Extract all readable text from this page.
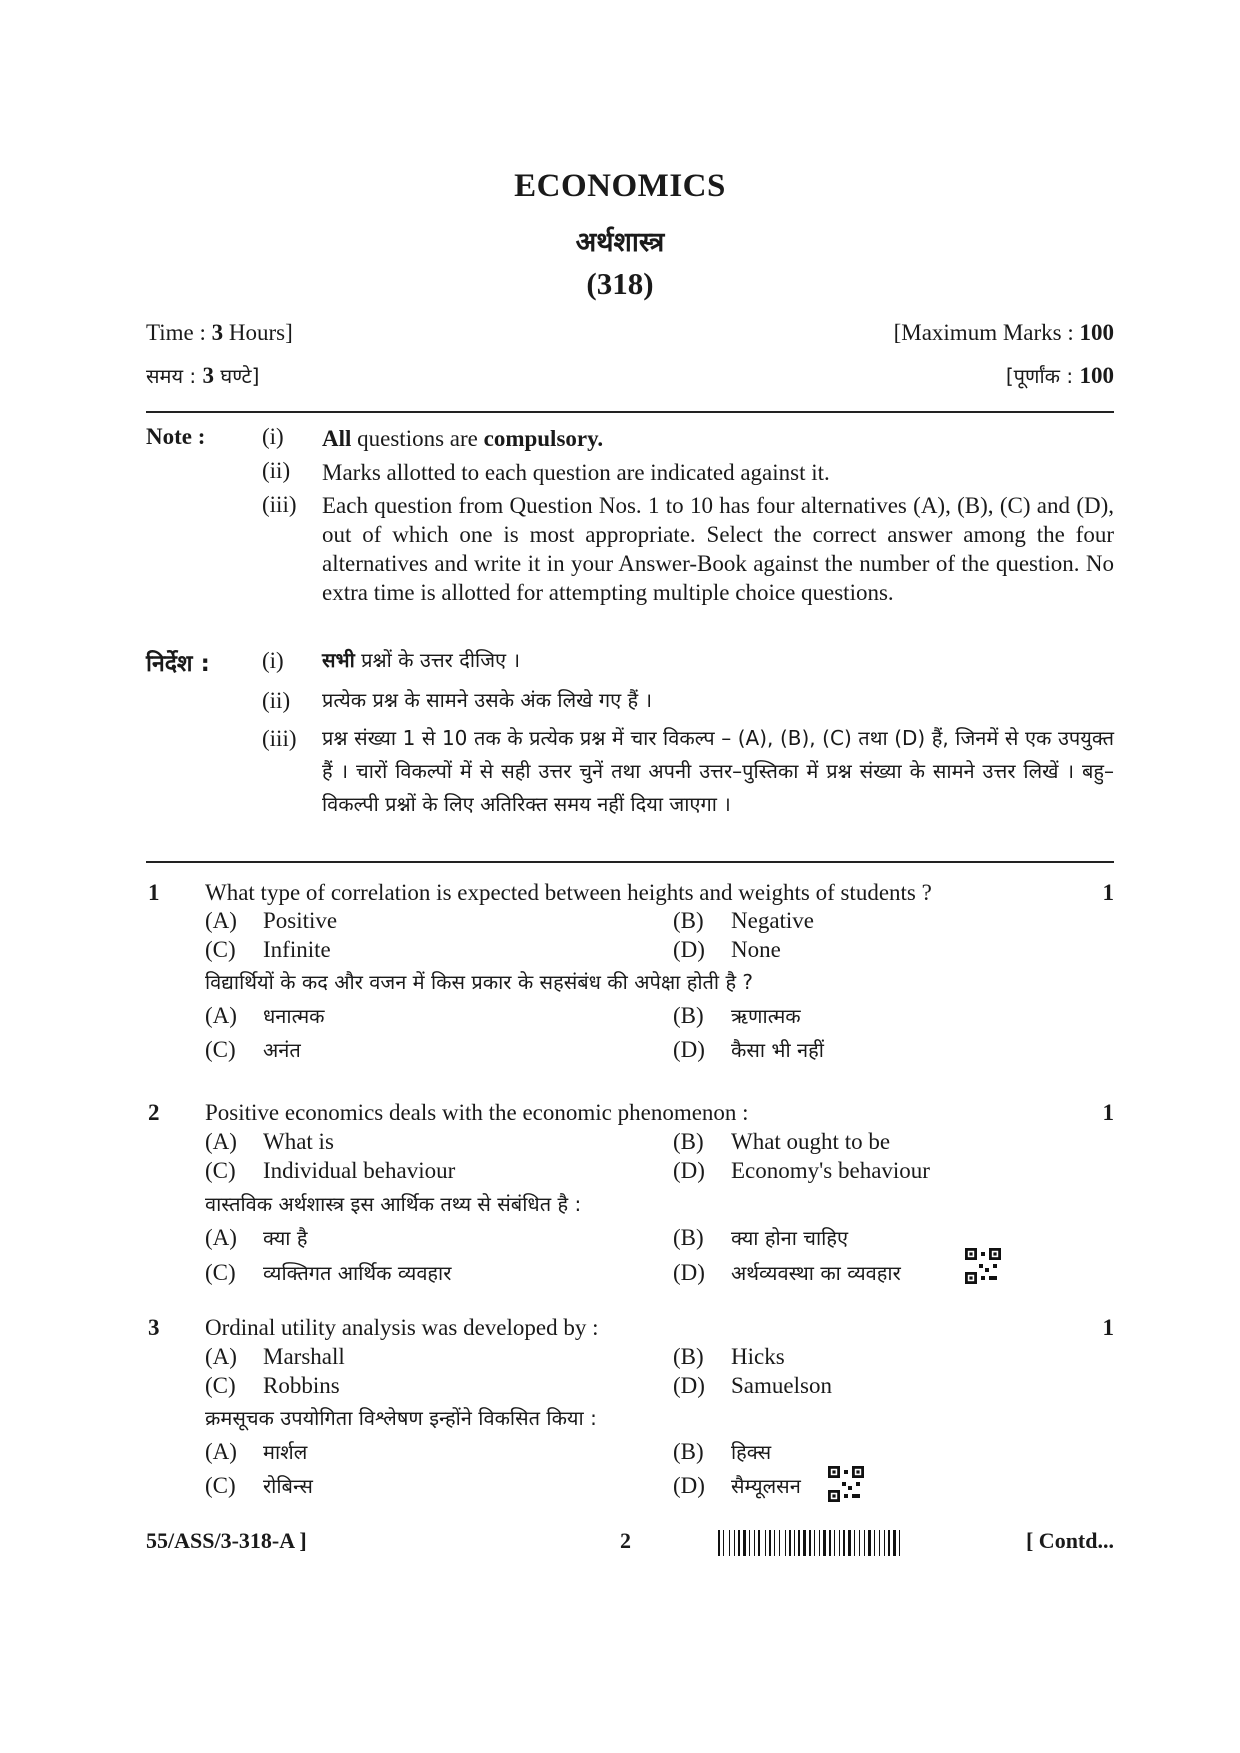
ECONOMICS
अर्थशास्त्र
(318)
Time : 3 Hours]	[Maximum Marks : 100
समय : 3 घण्टे]	[पूर्णांक : 100
Note : (i) All questions are compulsory.
(ii) Marks allotted to each question are indicated against it.
(iii) Each question from Question Nos. 1 to 10 has four alternatives (A), (B), (C) and (D), out of which one is most appropriate. Select the correct answer among the four alternatives and write it in your Answer-Book against the number of the question. No extra time is allotted for attempting multiple choice questions.
निर्देश : (i) सभी प्रश्नों के उत्तर दीजिए ।
(ii) प्रत्येक प्रश्न के सामने उसके अंक लिखे गए हैं ।
(iii) प्रश्न संख्या 1 से 10 तक के प्रत्येक प्रश्न में चार विकल्प – (A), (B), (C) तथा (D) हैं, जिनमें से एक उपयुक्त हैं । चारों विकल्पों में से सही उत्तर चुनें तथा अपनी उत्तर–पुस्तिका में प्रश्न संख्या के सामने उत्तर लिखें । बहु–विकल्पी प्रश्नों के लिए अतिरिक्त समय नहीं दिया जाएगा ।
1 What type of correlation is expected between heights and weights of students ?	1
(A) Positive	(B) Negative
(C) Infinite	(D) None
विद्यार्थियों के कद और वजन में किस प्रकार के सहसंबंध की अपेक्षा होती है ?
(A) धनात्मक	(B) ऋणात्मक
(C) अनंत	(D) कैसा भी नहीं
2 Positive economics deals with the economic phenomenon :	1
(A) What is	(B) What ought to be
(C) Individual behaviour	(D) Economy's behaviour
वास्तविक अर्थशास्त्र इस आर्थिक तथ्य से संबंधित है :
(A) क्या है	(B) क्या होना चाहिए
(C) व्यक्तिगत आर्थिक व्यवहार	(D) अर्थव्यवस्था का व्यवहार
3 Ordinal utility analysis was developed by :	1
(A) Marshall	(B) Hicks
(C) Robbins	(D) Samuelson
क्रमसूचक उपयोगिता विश्लेषण इन्होंने विकसित किया :
(A) मार्शल	(B) हिक्स
(C) रोबिन्स	(D) सैम्यूलसन
55/ASS/3-318-A ]	2	[ Contd...
